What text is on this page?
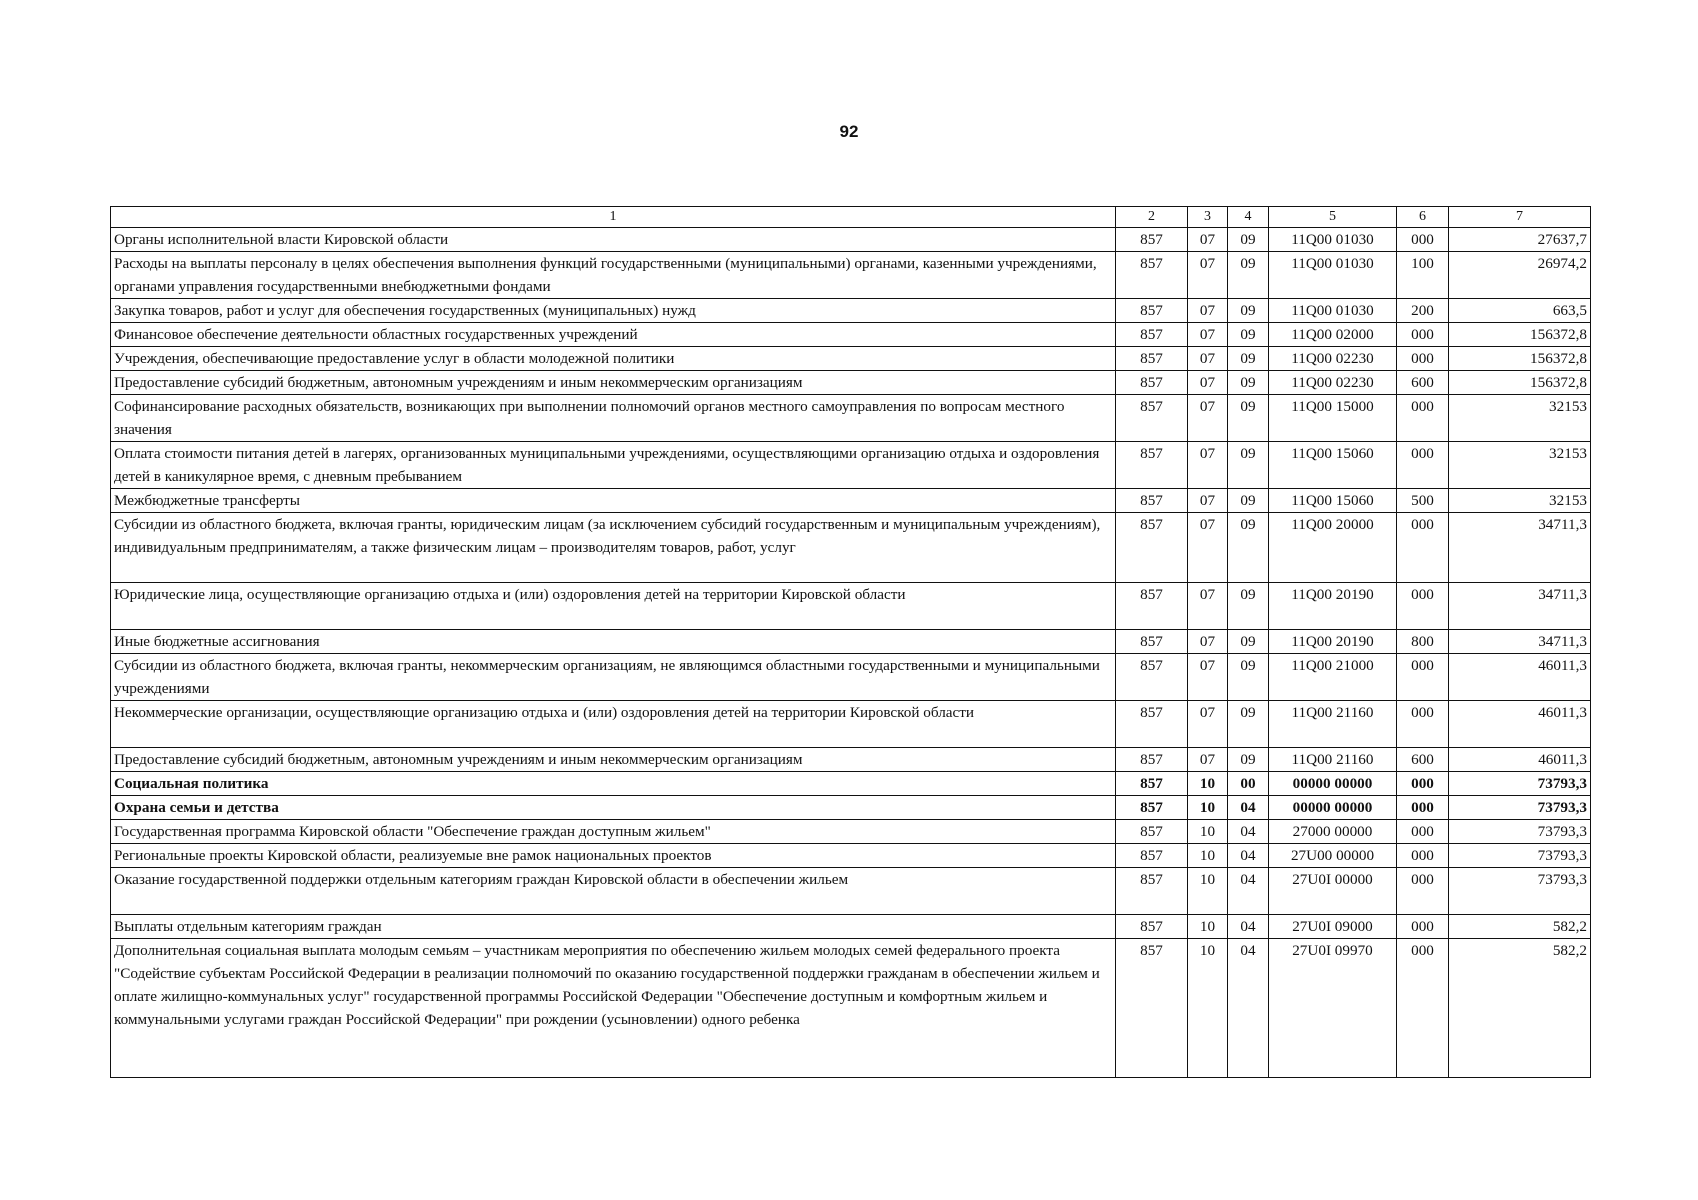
92
1	2	3	4	5	6	7
Органы исполнительной власти Кировской области	857	07	09	11Q00 01030	000	27637,7
Расходы на выплаты персоналу в целях обеспечения выполнения функций государственными (муниципальными) органами, казенными учреждениями, органами управления государственными внебюджетными фондами	857	07	09	11Q00 01030	100	26974,2
Закупка товаров, работ и услуг для обеспечения государственных (муниципальных) нужд	857	07	09	11Q00 01030	200	663,5
Финансовое обеспечение деятельности областных государственных учреждений	857	07	09	11Q00 02000	000	156372,8
Учреждения, обеспечивающие предоставление услуг в области молодежной политики	857	07	09	11Q00 02230	000	156372,8
Предоставление субсидий бюджетным, автономным учреждениям и иным некоммерческим организациям	857	07	09	11Q00 02230	600	156372,8
Софинансирование расходных обязательств, возникающих при выполнении полномочий органов местного самоуправления по вопросам местного значения	857	07	09	11Q00 15000	000	32153
Оплата стоимости питания детей в лагерях, организованных муниципальными учреждениями, осуществляющими организацию отдыха и оздоровления детей в каникулярное время, с дневным пребыванием	857	07	09	11Q00 15060	000	32153
Межбюджетные трансферты	857	07	09	11Q00 15060	500	32153
Субсидии из областного бюджета, включая гранты, юридическим лицам (за исключением субсидий государственным и муниципальным учреждениям), индивидуальным предпринимателям, а также физическим лицам – производителям товаров, работ, услуг	857	07	09	11Q00 20000	000	34711,3
Юридические лица, осуществляющие организацию отдыха и (или) оздоровления детей на территории Кировской области	857	07	09	11Q00 20190	000	34711,3
Иные бюджетные ассигнования	857	07	09	11Q00 20190	800	34711,3
Субсидии из областного бюджета, включая гранты, некоммерческим организациям, не являющимся областными государственными и муниципальными учреждениями	857	07	09	11Q00 21000	000	46011,3
Некоммерческие организации, осуществляющие организацию отдыха и (или) оздоровления детей на территории Кировской области	857	07	09	11Q00 21160	000	46011,3
Предоставление субсидий бюджетным, автономным учреждениям и иным некоммерческим организациям	857	07	09	11Q00 21160	600	46011,3
Социальная политика	857	10	00	00000 00000	000	73793,3
Охрана семьи и детства	857	10	04	00000 00000	000	73793,3
Государственная программа Кировской области "Обеспечение граждан доступным жильем"	857	10	04	27000 00000	000	73793,3
Региональные проекты Кировской области, реализуемые вне рамок национальных проектов	857	10	04	27U00 00000	000	73793,3
Оказание государственной поддержки отдельным категориям граждан Кировской области в обеспечении жильем	857	10	04	27U0I 00000	000	73793,3
Выплаты отдельным категориям граждан	857	10	04	27U0I 09000	000	582,2
Дополнительная социальная выплата молодым семьям – участникам мероприятия по обеспечению жильем молодых семей федерального проекта "Содействие субъектам Российской Федерации в реализации полномочий по оказанию государственной поддержки гражданам в обеспечении жильем и оплате жилищно-коммунальных услуг" государственной программы Российской Федерации "Обеспечение доступным и комфортным жильем и коммунальными услугами граждан Российской Федерации" при рождении (усыновлении) одного ребенка	857	10	04	27U0I 09970	000	582,2
